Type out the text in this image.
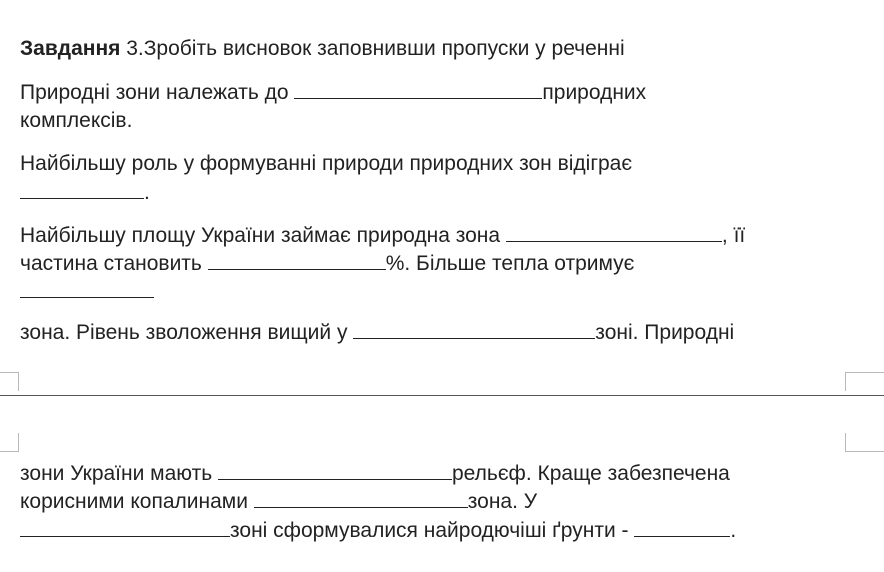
Завдання 3.Зробіть висновок заповнивши пропуски у реченні
Природні зони належать до	природних
комплексів.
Найбільшу роль у формуванні природи природних зон відіграє
.
Найбільшу площу України займає природна зона	, її
частина становить	%. Більше тепла отримує
зона. Рівень зволоження вищий у	зоні. Природні
зони України мають	рельєф. Краще забезпечена
корисними копалинами	зона. У
зоні сформувалися найродючіші ґрунти -	.
